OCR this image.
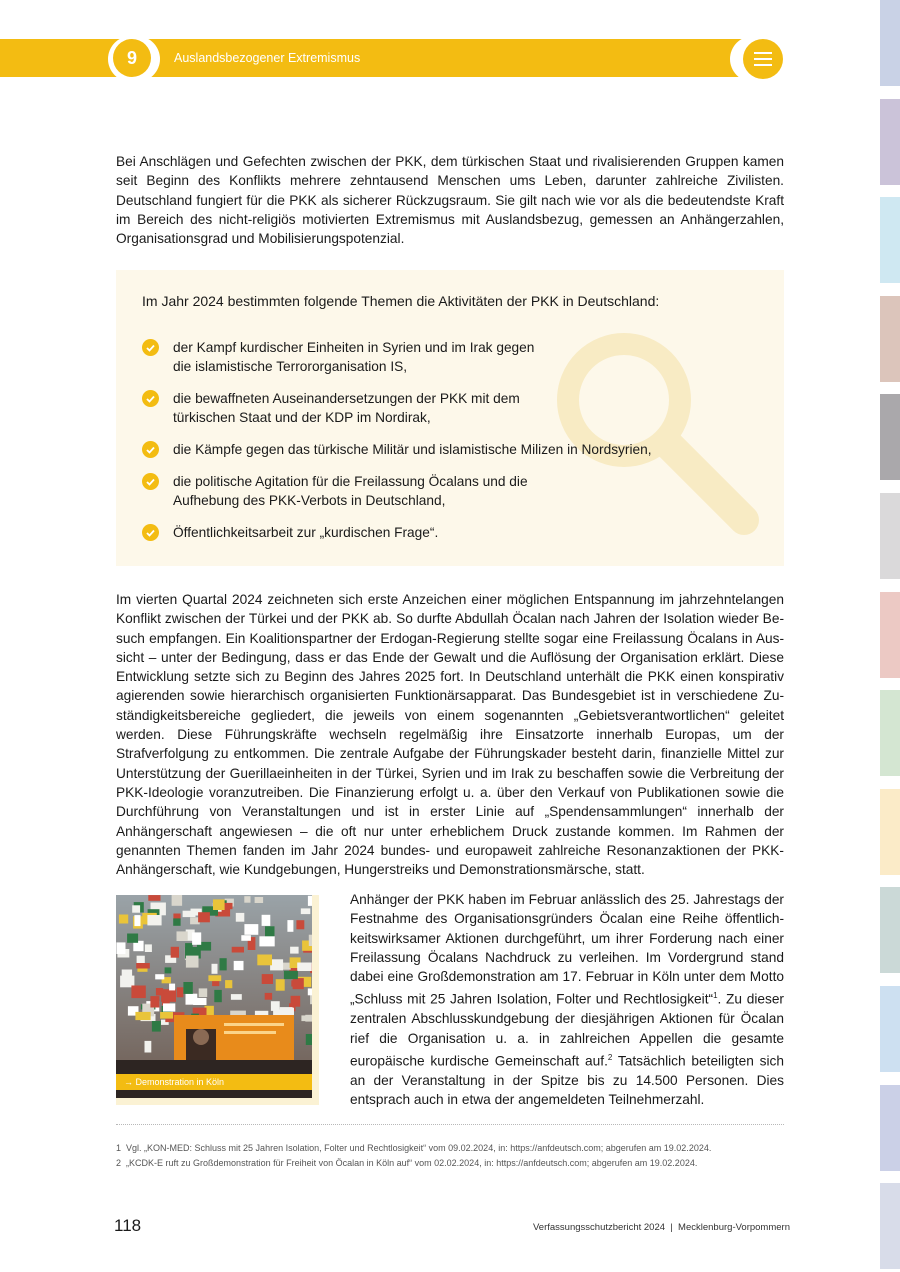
9	Auslandsbezogener Extremismus

Bei Anschlägen und Gefechten zwischen der PKK, dem türkischen Staat und rivalisierenden Gruppen kamen seit Beginn des Konflikts mehrere zehntausend Menschen ums Leben, darunter zahlreiche Zivilisten. Deutschland fungiert für die PKK als sicherer Rückzugsraum. Sie gilt nach wie vor als die bedeutendste Kraft im Bereich des nicht-religiös motivierten Extremismus mit Auslandsbezug, gemessen an Anhängerzahlen, Organisationsgrad und Mobilisierungspotenzial.

Im Jahr 2024 bestimmten folgende Themen die Aktivitäten der PKK in Deutschland:
der Kampf kurdischer Einheiten in Syrien und im Irak gegen
die islamistische Terrororganisation IS,
die bewaffneten Auseinandersetzungen der PKK mit dem
türkischen Staat und der KDP im Nordirak,
die Kämpfe gegen das türkische Militär und islamistische Milizen in Nordsyrien,
die politische Agitation für die Freilassung Öcalans und die
Aufhebung des PKK-Verbots in Deutschland,
Öffentlichkeitsarbeit zur „kurdischen Frage“.

Im vierten Quartal 2024 zeichneten sich erste Anzeichen einer möglichen Entspannung im jahrzehntelangen Konflikt zwischen der Türkei und der PKK ab. So durfte Abdullah Öcalan nach Jahren der Isolation wieder Besuch empfangen. Ein Koalitionspartner der Erdogan-Regierung stellte sogar eine Freilassung Öcalans in Aussicht – unter der Bedingung, dass er das Ende der Gewalt und die Auflösung der Organisation erklärt. Diese Entwicklung setzte sich zu Beginn des Jahres 2025 fort. In Deutschland unterhält die PKK einen konspirativ agierenden sowie hierarchisch organisierten Funktionärsapparat. Das Bundesgebiet ist in verschiedene Zuständigkeitsbereiche gegliedert, die jeweils von einem sogenannten „Gebietsverantwortlichen“ geleitet werden. Diese Führungskräfte wechseln regelmäßig ihre Einsatzorte innerhalb Europas, um der Strafverfolgung zu entkommen. Die zentrale Aufgabe der Führungskader besteht darin, finanzielle Mittel zur Unterstützung der Guerillaeinheiten in der Türkei, Syrien und im Irak zu beschaffen sowie die Verbreitung der PKK-Ideologie voranzutreiben. Die Finanzierung erfolgt u. a. über den Verkauf von Publikationen sowie die Durchführung von Veranstaltungen und ist in erster Linie auf „Spendensammlungen“ innerhalb der Anhängerschaft angewiesen – die oft nur unter erheblichem Druck zustande kommen. Im Rahmen der genannten Themen fanden im Jahr 2024 bundes- und europaweit zahlreiche Resonanzaktionen der PKK-Anhängerschaft, wie Kundgebungen, Hungerstreiks und Demonstrationsmärsche, statt.

→ Demonstration in Köln

Anhänger der PKK haben im Februar anlässlich des 25. Jahrestags der Festnahme des Organisationsgründers Öcalan eine Reihe öffentlichkeitswirksamer Aktionen durchgeführt, um ihrer Forderung nach einer Freilassung Öcalans Nachdruck zu verleihen. Im Vordergrund stand dabei eine Großdemonstration am 17. Februar in Köln unter dem Motto „Schluss mit 25 Jahren Isolation, Folter und Rechtlosigkeit“$^1$. Zu dieser zentralen Abschlusskundgebung der diesjährigen Aktionen für Öcalan rief die Organisation u. a. in zahlreichen Appellen die gesamte europäische kurdische Gemeinschaft auf.$^2$ Tatsächlich beteiligten sich an der Veranstaltung in der Spitze bis zu 14.500 Personen. Dies entsprach auch in etwa der angemeldeten Teilnehmerzahl.

1 Vgl. „KON-MED: Schluss mit 25 Jahren Isolation, Folter und Rechtlosigkeit“ vom 09.02.2024, in: https://anfdeutsch.com; abgerufen am 19.02.2024.
2 „KCDK-E ruft zu Großdemonstration für Freiheit von Öcalan in Köln auf“ vom 02.02.2024, in: https://anfdeutsch.com; abgerufen am 19.02.2024.
118	Verfassungsschutzbericht 2024  |  Mecklenburg-Vorpommern
